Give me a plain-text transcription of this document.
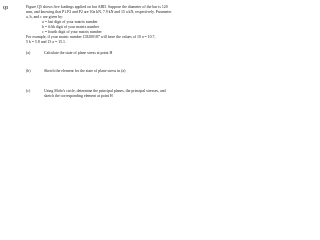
Q5	Figure Q5 shows five loadings applied on bar ABD. Suppose the diameter of the bar is 120
mm, and knowing that P1.P2 and P2 are 10a kN, 7.9 kN and 15 a kN, respectively. Parameter
a, b, and c are given by:
a = last digit of your matrix number
b = fifth digit of your matrix number
c = fourth digit of your matrix number
For example, if your matric number CD200187 will have the values of 10 a = 10.7,
5 b = 5.8 and 15 a = 15.1.
(a)	Calculate the state of plane stress at point H
(b)	Sketch the element for the state of plane stress in (a)
(c)	Using Mohr's circle, determine the principal planes, the principal stresses, and
sketch the corresponding element at point H
